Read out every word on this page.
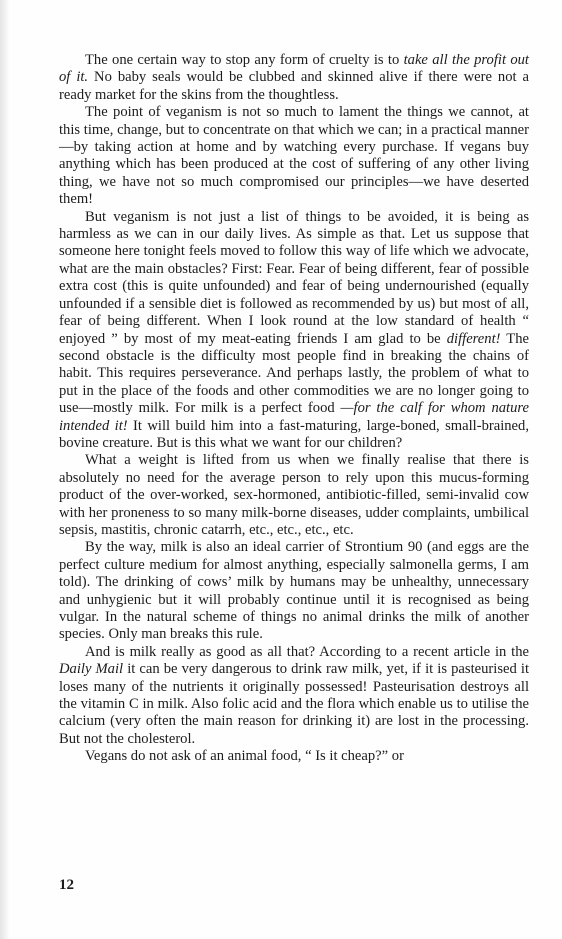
The one certain way to stop any form of cruelty is to take all the profit out of it. No baby seals would be clubbed and skinned alive if there were not a ready market for the skins from the thoughtless.

The point of veganism is not so much to lament the things we cannot, at this time, change, but to concentrate on that which we can; in a practical manner—by taking action at home and by watching every purchase. If vegans buy anything which has been produced at the cost of suffering of any other living thing, we have not so much compromised our principles—we have deserted them!

But veganism is not just a list of things to be avoided, it is being as harmless as we can in our daily lives. As simple as that. Let us suppose that someone here tonight feels moved to follow this way of life which we advocate, what are the main obstacles? First: Fear. Fear of being different, fear of possible extra cost (this is quite unfounded) and fear of being undernourished (equally unfounded if a sensible diet is followed as recommended by us) but most of all, fear of being different. When I look round at the low standard of health “ enjoyed ” by most of my meat-eating friends I am glad to be different! The second obstacle is the difficulty most people find in breaking the chains of habit. This requires perseverance. And perhaps lastly, the problem of what to put in the place of the foods and other commodities we are no longer going to use—mostly milk. For milk is a perfect food —for the calf for whom nature intended it! It will build him into a fast-maturing, large-boned, small-brained, bovine creature. But is this what we want for our children?

What a weight is lifted from us when we finally realise that there is absolutely no need for the average person to rely upon this mucus-forming product of the over-worked, sex-hormoned, antibiotic-filled, semi-invalid cow with her proneness to so many milk-borne diseases, udder complaints, umbilical sepsis, mastitis, chronic catarrh, etc., etc., etc., etc.

By the way, milk is also an ideal carrier of Strontium 90 (and eggs are the perfect culture medium for almost anything, especially salmonella germs, I am told). The drinking of cows’ milk by humans may be unhealthy, unnecessary and unhygienic but it will probably continue until it is recognised as being vulgar. In the natural scheme of things no animal drinks the milk of another species. Only man breaks this rule.

And is milk really as good as all that? According to a recent article in the Daily Mail it can be very dangerous to drink raw milk, yet, if it is pasteurised it loses many of the nutrients it originally possessed! Pasteurisation destroys all the vitamin C in milk. Also folic acid and the flora which enable us to utilise the calcium (very often the main reason for drinking it) are lost in the processing. But not the cholesterol.

Vegans do not ask of an animal food, “ Is it cheap?” or

12
